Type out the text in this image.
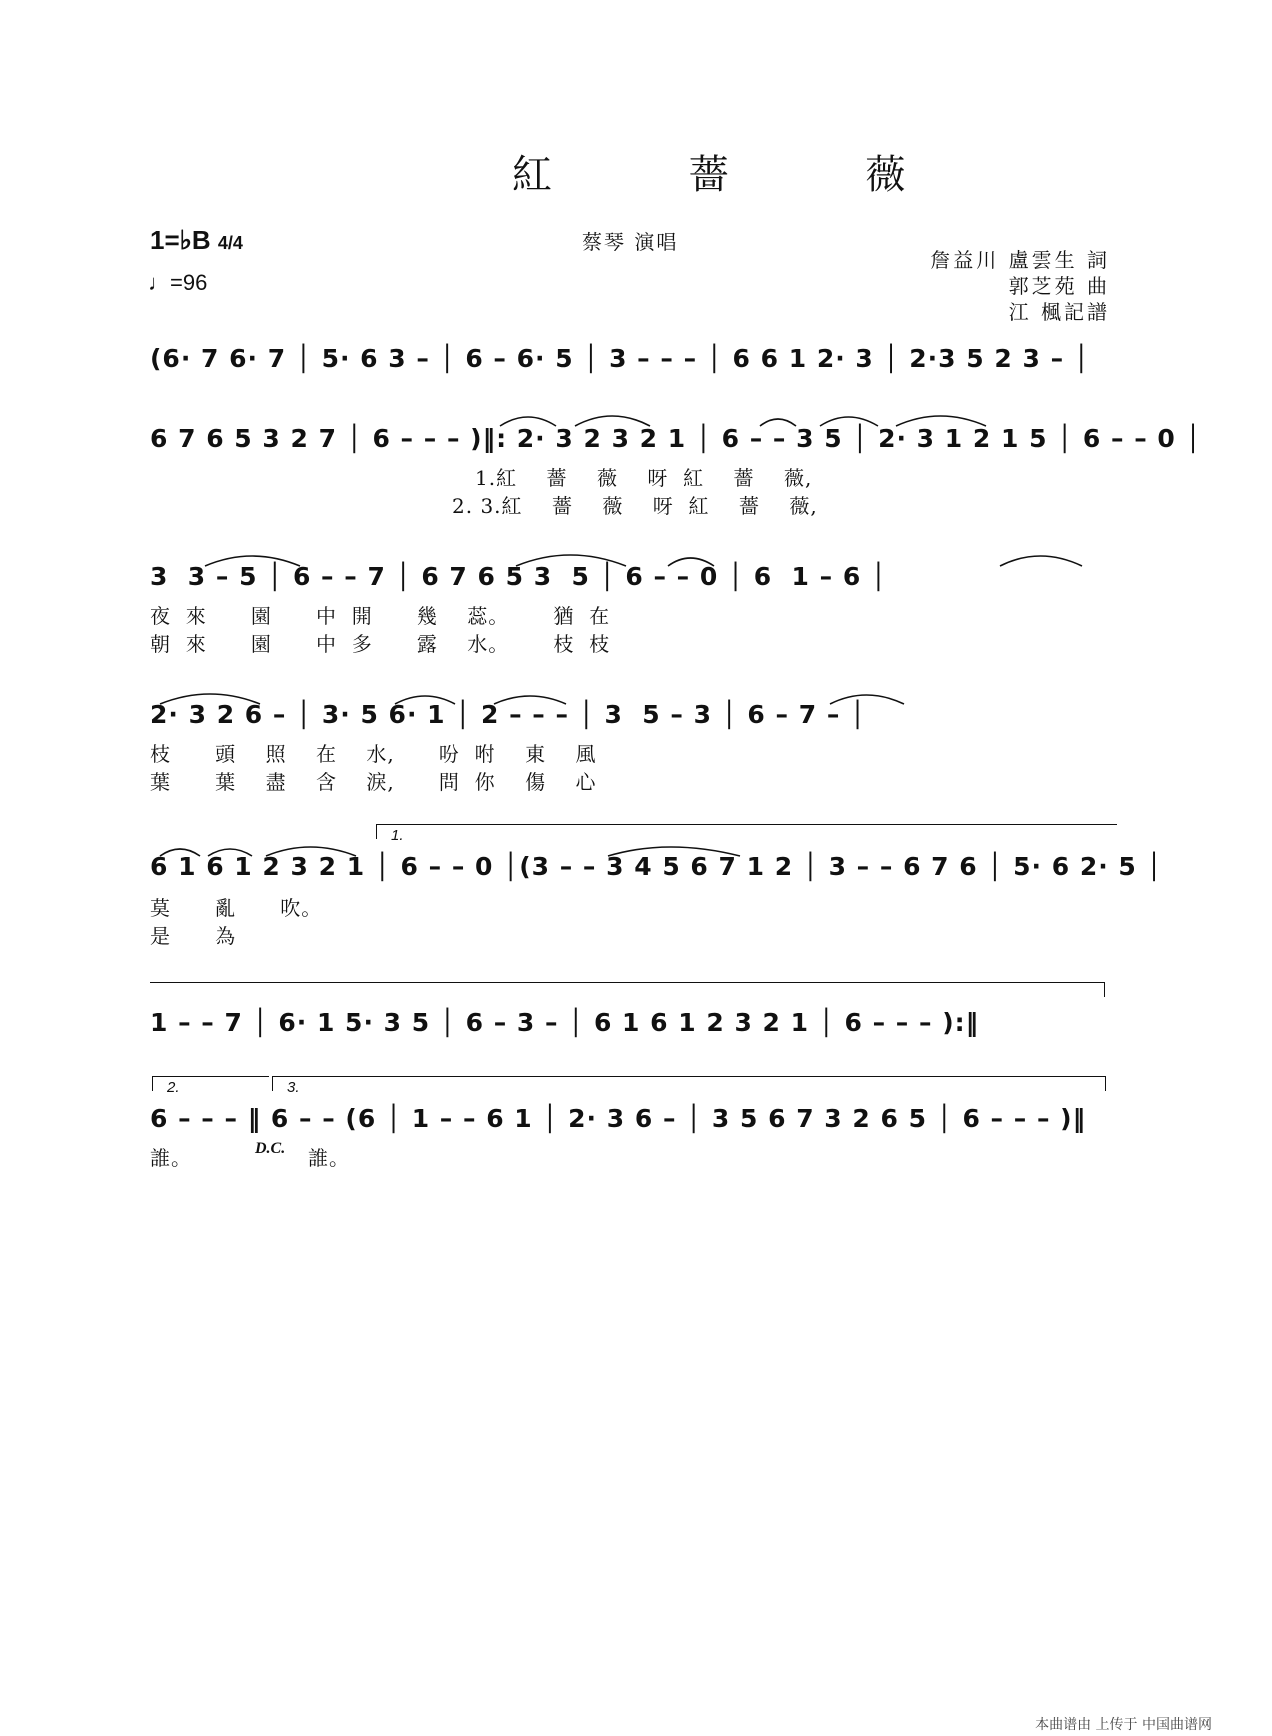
紅 薔 薇
1=♭B 4/4
♩=96
蔡琴 演唱
詹益川 盧雲生 詞
郭芝苑 曲
江 楓記譜
(6· 7 6· 7 │ 5· 6 3 – │ 6 – 6· 5 │ 3 – – – │ 6 6 1 2· 3 │ 2·3 5 2 3 – │
6 7 6 5 3 2 7 │ 6 – – – )‖: 2· 3 2 3 2 1 │ 6 – – 3 5 │ 2· 3 1 2 1 5 │ 6 – – 0 │
1.紅    薔    薇    呀  紅    薔    薇,
2. 3.紅    薔    薇    呀  紅    薔    薇,
3  3 – 5 │ 6 – – 7 │ 6 7 6 5 3  5 │ 6 – – 0 │ 6  1 – 6 │
夜  來      園      中  開      幾    蕊。      猶  在
朝  來      園      中  多      露    水。      枝  枝
2· 3 2 6 – │ 3· 5 6· 1 │ 2 – – – │ 3  5 – 3 │ 6 – 7 – │
枝      頭    照    在    水,      吩  咐    東    風
葉      葉    盡    含    淚,      問  你    傷    心
1.
6 1 6 1 2 3 2 1 │ 6 – – 0 │(3 – – 3 4 5 6 7 1 2 │ 3 – – 6 7 6 │ 5· 6 2· 5 │
莫      亂      吹。
是      為
1 – – 7 │ 6· 1 5· 3 5 │ 6 – 3 – │ 6 1 6 1 2 3 2 1 │ 6 – – – ):‖
2.	3.
6 – – – ‖ 6 – – (6 │ 1 – – 6 1 │ 2· 3 6 – │ 3 5 6 7 3 2 6 5 │ 6 – – – )‖
誰。	D.C. 誰。
本曲谱由 上传于 中国曲谱网
